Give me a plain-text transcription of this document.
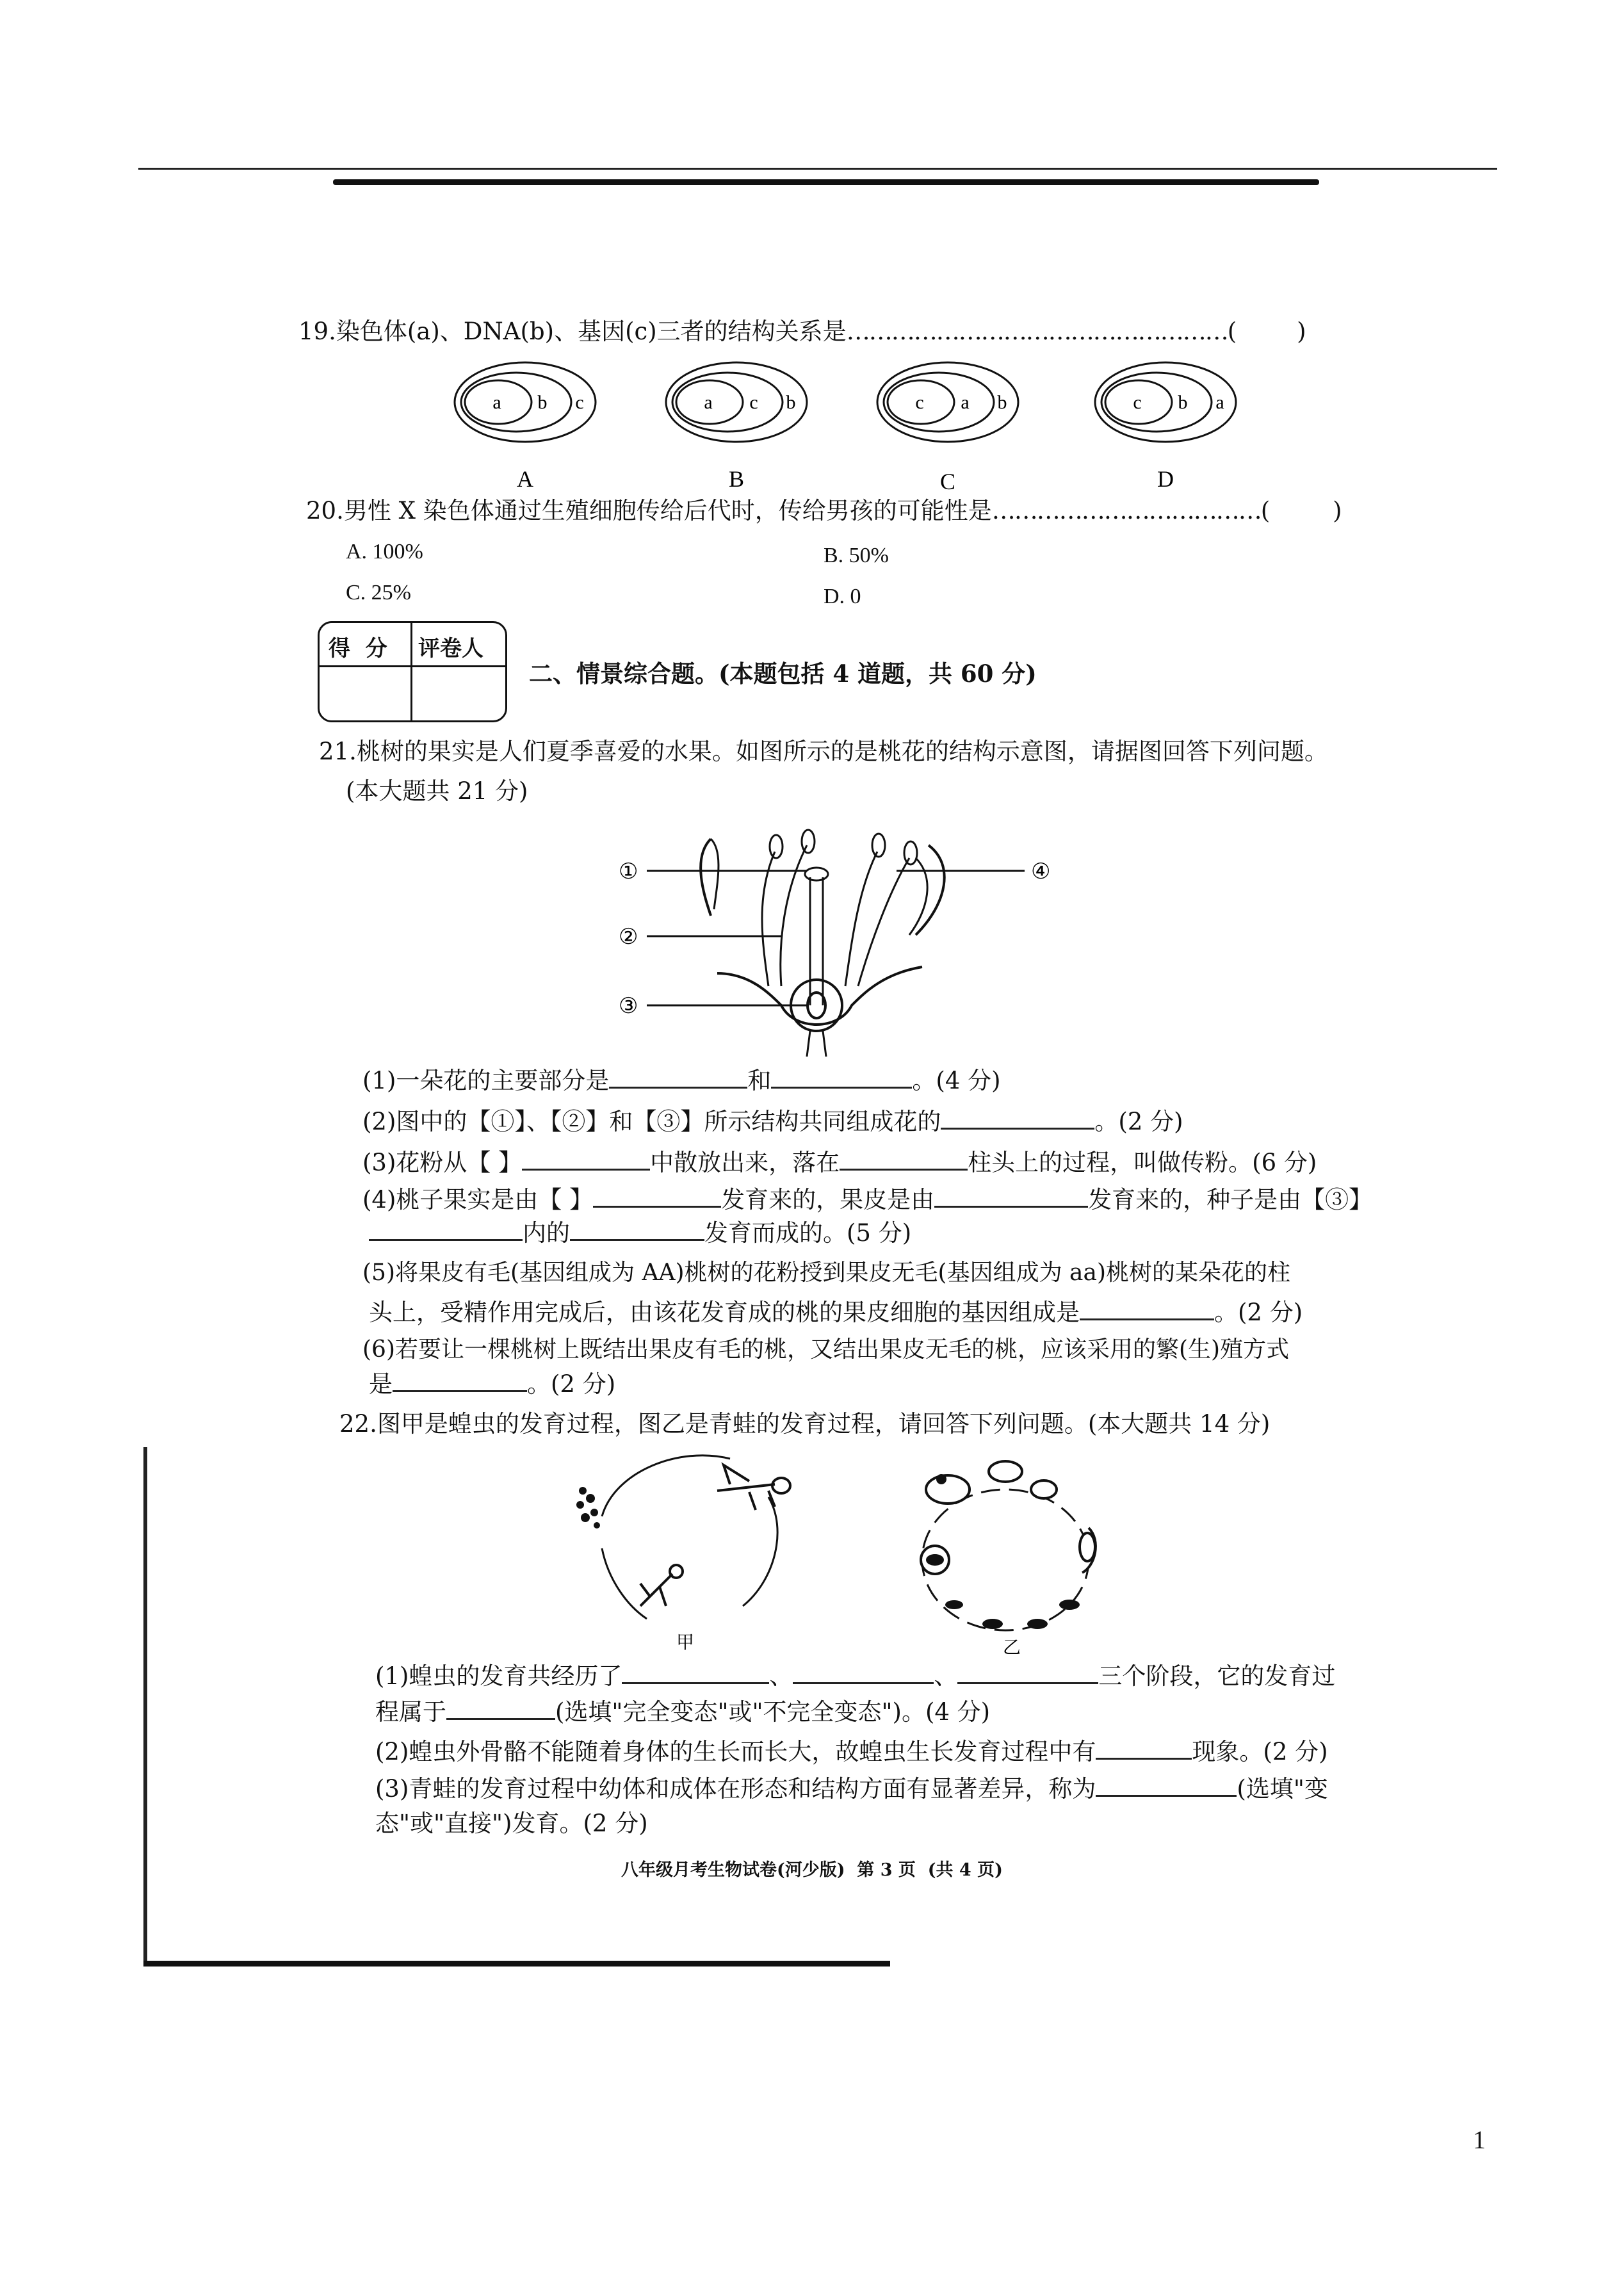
19.染色体(a)、DNA(b)、基因(c)三者的结构关系是……………………………………………(	)
a b c	a c b	c a b	c b a
A	B	C	D
20.男性 X 染色体通过生殖细胞传给后代时，传给男孩的可能性是………………………………(	)
A. 100%	B. 50%
C. 25%	D. 0
得  分 评卷人
二、情景综合题。(本题包括 4 道题，共 60 分)
21.桃树的果实是人们夏季喜爱的水果。如图所示的是桃花的结构示意图，请据图回答下列问题。
(本大题共 21 分)
①
②
③
④
(1)一朵花的主要部分是	和	。(4 分)
(2)图中的【①】、【②】和【③】所示结构共同组成花的	。(2 分)
(3)花粉从【 】	中散放出来，落在	柱头上的过程，叫做传粉。(6 分)
(4)桃子果实是由【 】	发育来的，果皮是由	发育来的，种子是由【③】
内的	发育而成的。(5 分)
(5)将果皮有毛(基因组成为 AA)桃树的花粉授到果皮无毛(基因组成为 aa)桃树的某朵花的柱
头上，受精作用完成后，由该花发育成的桃的果皮细胞的基因组成是	。(2 分)
(6)若要让一棵桃树上既结出果皮有毛的桃，又结出果皮无毛的桃，应该采用的繁(生)殖方式
是	。(2 分)
22.图甲是蝗虫的发育过程，图乙是青蛙的发育过程，请回答下列问题。(本大题共 14 分)
甲	乙
(1)蝗虫的发育共经历了	、	、	三个阶段，它的发育过
程属于	(选填"完全变态"或"不完全变态")。(4 分)
(2)蝗虫外骨骼不能随着身体的生长而长大，故蝗虫生长发育过程中有	现象。(2 分)
(3)青蛙的发育过程中幼体和成体在形态和结构方面有显著差异，称为	(选填"变
态"或"直接")发育。(2 分)
八年级月考生物试卷(河少版)  第 3 页  (共 4 页)
1
